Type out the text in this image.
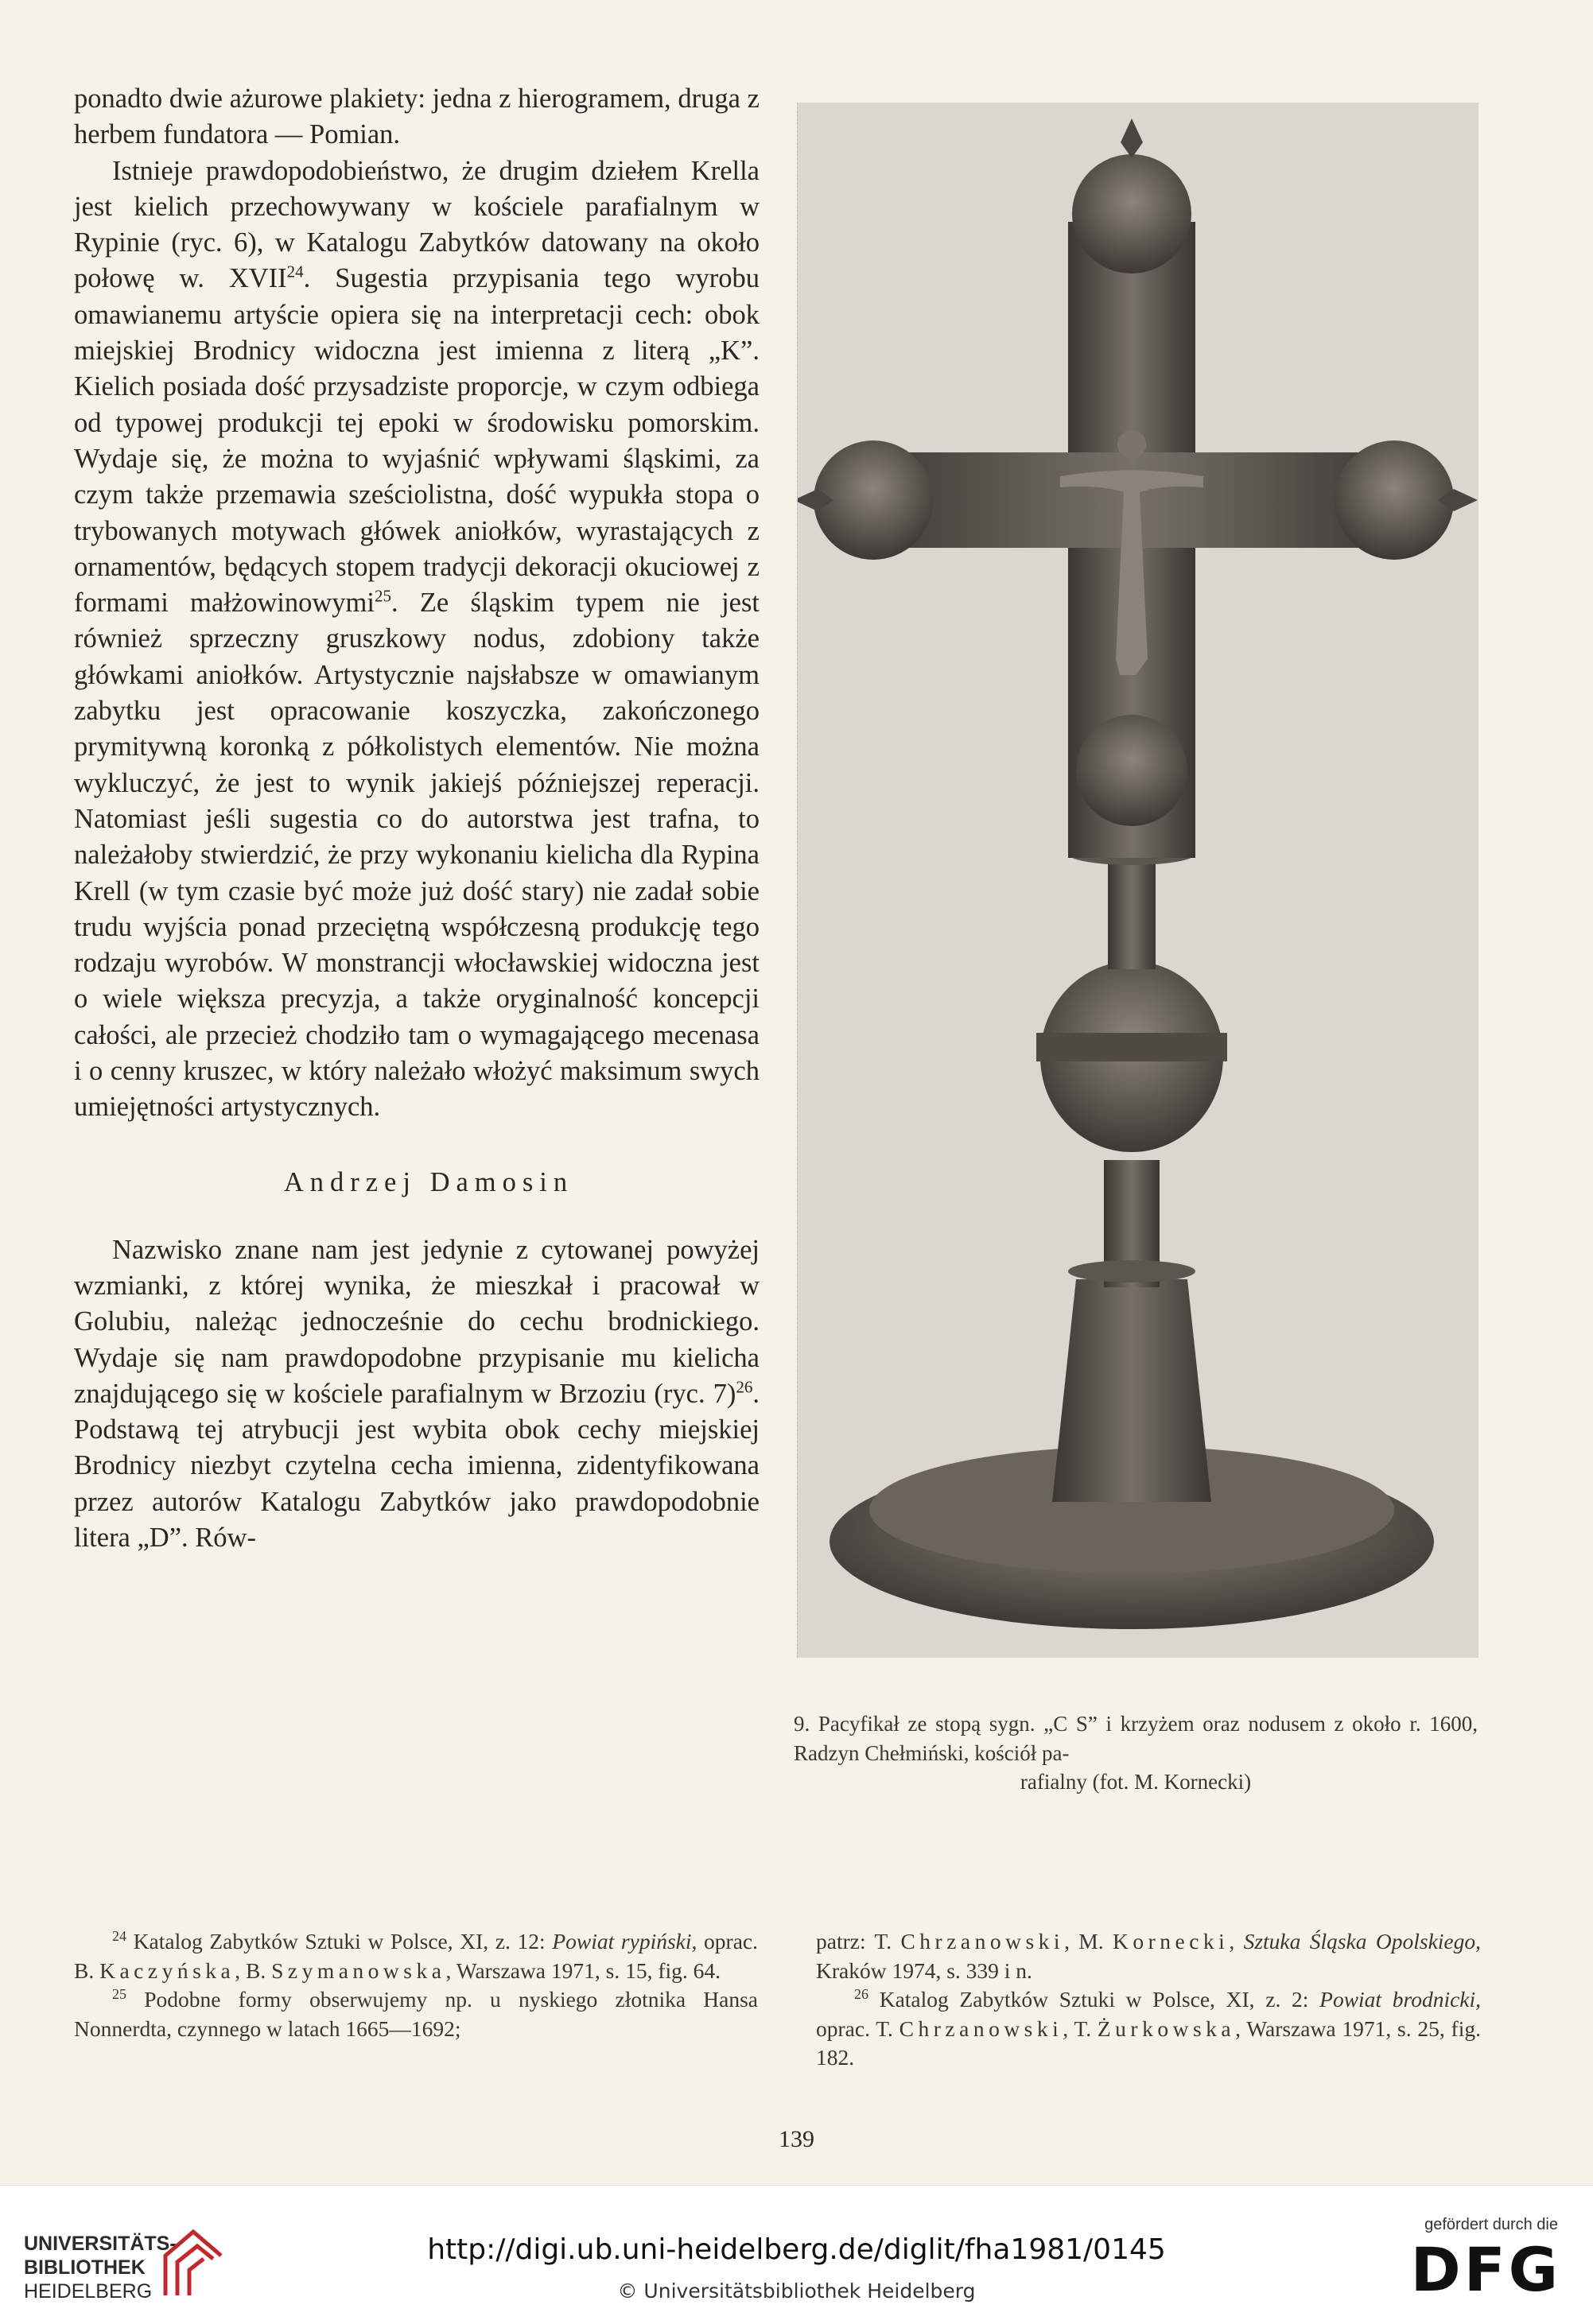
ponadto dwie ażurowe plakiety: jedna z hierogramem, druga z herbem fundatora — Pomian.

Istnieje prawdopodobieństwo, że drugim dziełem Krella jest kielich przechowywany w kościele parafialnym w Rypinie (ryc. 6), w Katalogu Zabytków datowany na około połowę w. XVII$^{24}$. Sugestia przypisania tego wyrobu omawianemu artyście opiera się na interpretacji cech: obok miejskiej Brodnicy widoczna jest imienna z literą „K”. Kielich posiada dość przysadziste proporcje, w czym odbiega od typowej produkcji tej epoki w środowisku pomorskim. Wydaje się, że można to wyjaśnić wpływami śląskimi, za czym także przemawia sześciolistna, dość wypukła stopa o trybowanych motywach główek aniołków, wyrastających z ornamentów, będących stopem tradycji dekoracji okuciowej z formami małżowinowymi$^{25}$. Ze śląskim typem nie jest również sprzeczny gruszkowy nodus, zdobiony także główkami aniołków. Artystycznie najsłabsze w omawianym zabytku jest opracowanie koszyczka, zakończonego prymitywną koronką z półkolistych elementów. Nie można wykluczyć, że jest to wynik jakiejś późniejszej reperacji. Natomiast jeśli sugestia co do autorstwa jest trafna, to należałoby stwierdzić, że przy wykonaniu kielicha dla Rypina Krell (w tym czasie być może już dość stary) nie zadał sobie trudu wyjścia ponad przeciętną współczesną produkcję tego rodzaju wyrobów. W monstrancji włocławskiej widoczna jest o wiele większa precyzja, a także oryginalność koncepcji całości, ale przecież chodziło tam o wymagającego mecenasa i o cenny kruszec, w który należało włożyć maksimum swych umiejętności artystycznych.

Andrzej Damosin

Nazwisko znane nam jest jedynie z cytowanej powyżej wzmianki, z której wynika, że mieszkał i pracował w Golubiu, należąc jednocześnie do cechu brodnickiego. Wydaje się nam prawdopodobne przypisanie mu kielicha znajdującego się w kościele parafialnym w Brzoziu (ryc. 7)$^{26}$. Podstawą tej atrybucji jest wybita obok cechy miejskiej Brodnicy niezbyt czytelna cecha imienna, zidentyfikowana przez autorów Katalogu Zabytków jako prawdopodobnie litera „D”. Rów-

9. Pacyfikał ze stopą sygn. „C S” i krzyżem oraz nodusem z około r. 1600, Radzyn Chełmiński, kościół pa-
rafialny (fot. M. Kornecki)

$^{24}$ Katalog Zabytków Sztuki w Polsce, XI, z. 12: Powiat rypiński, oprac. B. Kaczyńska, B. Szymanowska, Warszawa 1971, s. 15, fig. 64.

$^{25}$ Podobne formy obserwujemy np. u nyskiego złotnika Hansa Nonnerdta, czynnego w latach 1665—1692;

patrz: T. Chrzanowski, M. Kornecki, Sztuka Śląska Opolskiego, Kraków 1974, s. 339 i n.

$^{26}$ Katalog Zabytków Sztuki w Polsce, XI, z. 2: Powiat brodnicki, oprac. T. Chrzanowski, T. Żurkowska, Warszawa 1971, s. 25, fig. 182.

139
UNIVERSITÄTS-
BIBLIOTHEK
HEIDELBERG
http://digi.ub.uni-heidelberg.de/diglit/fha1981/0145
© Universitätsbibliothek Heidelberg
gefördert durch die
DFG
